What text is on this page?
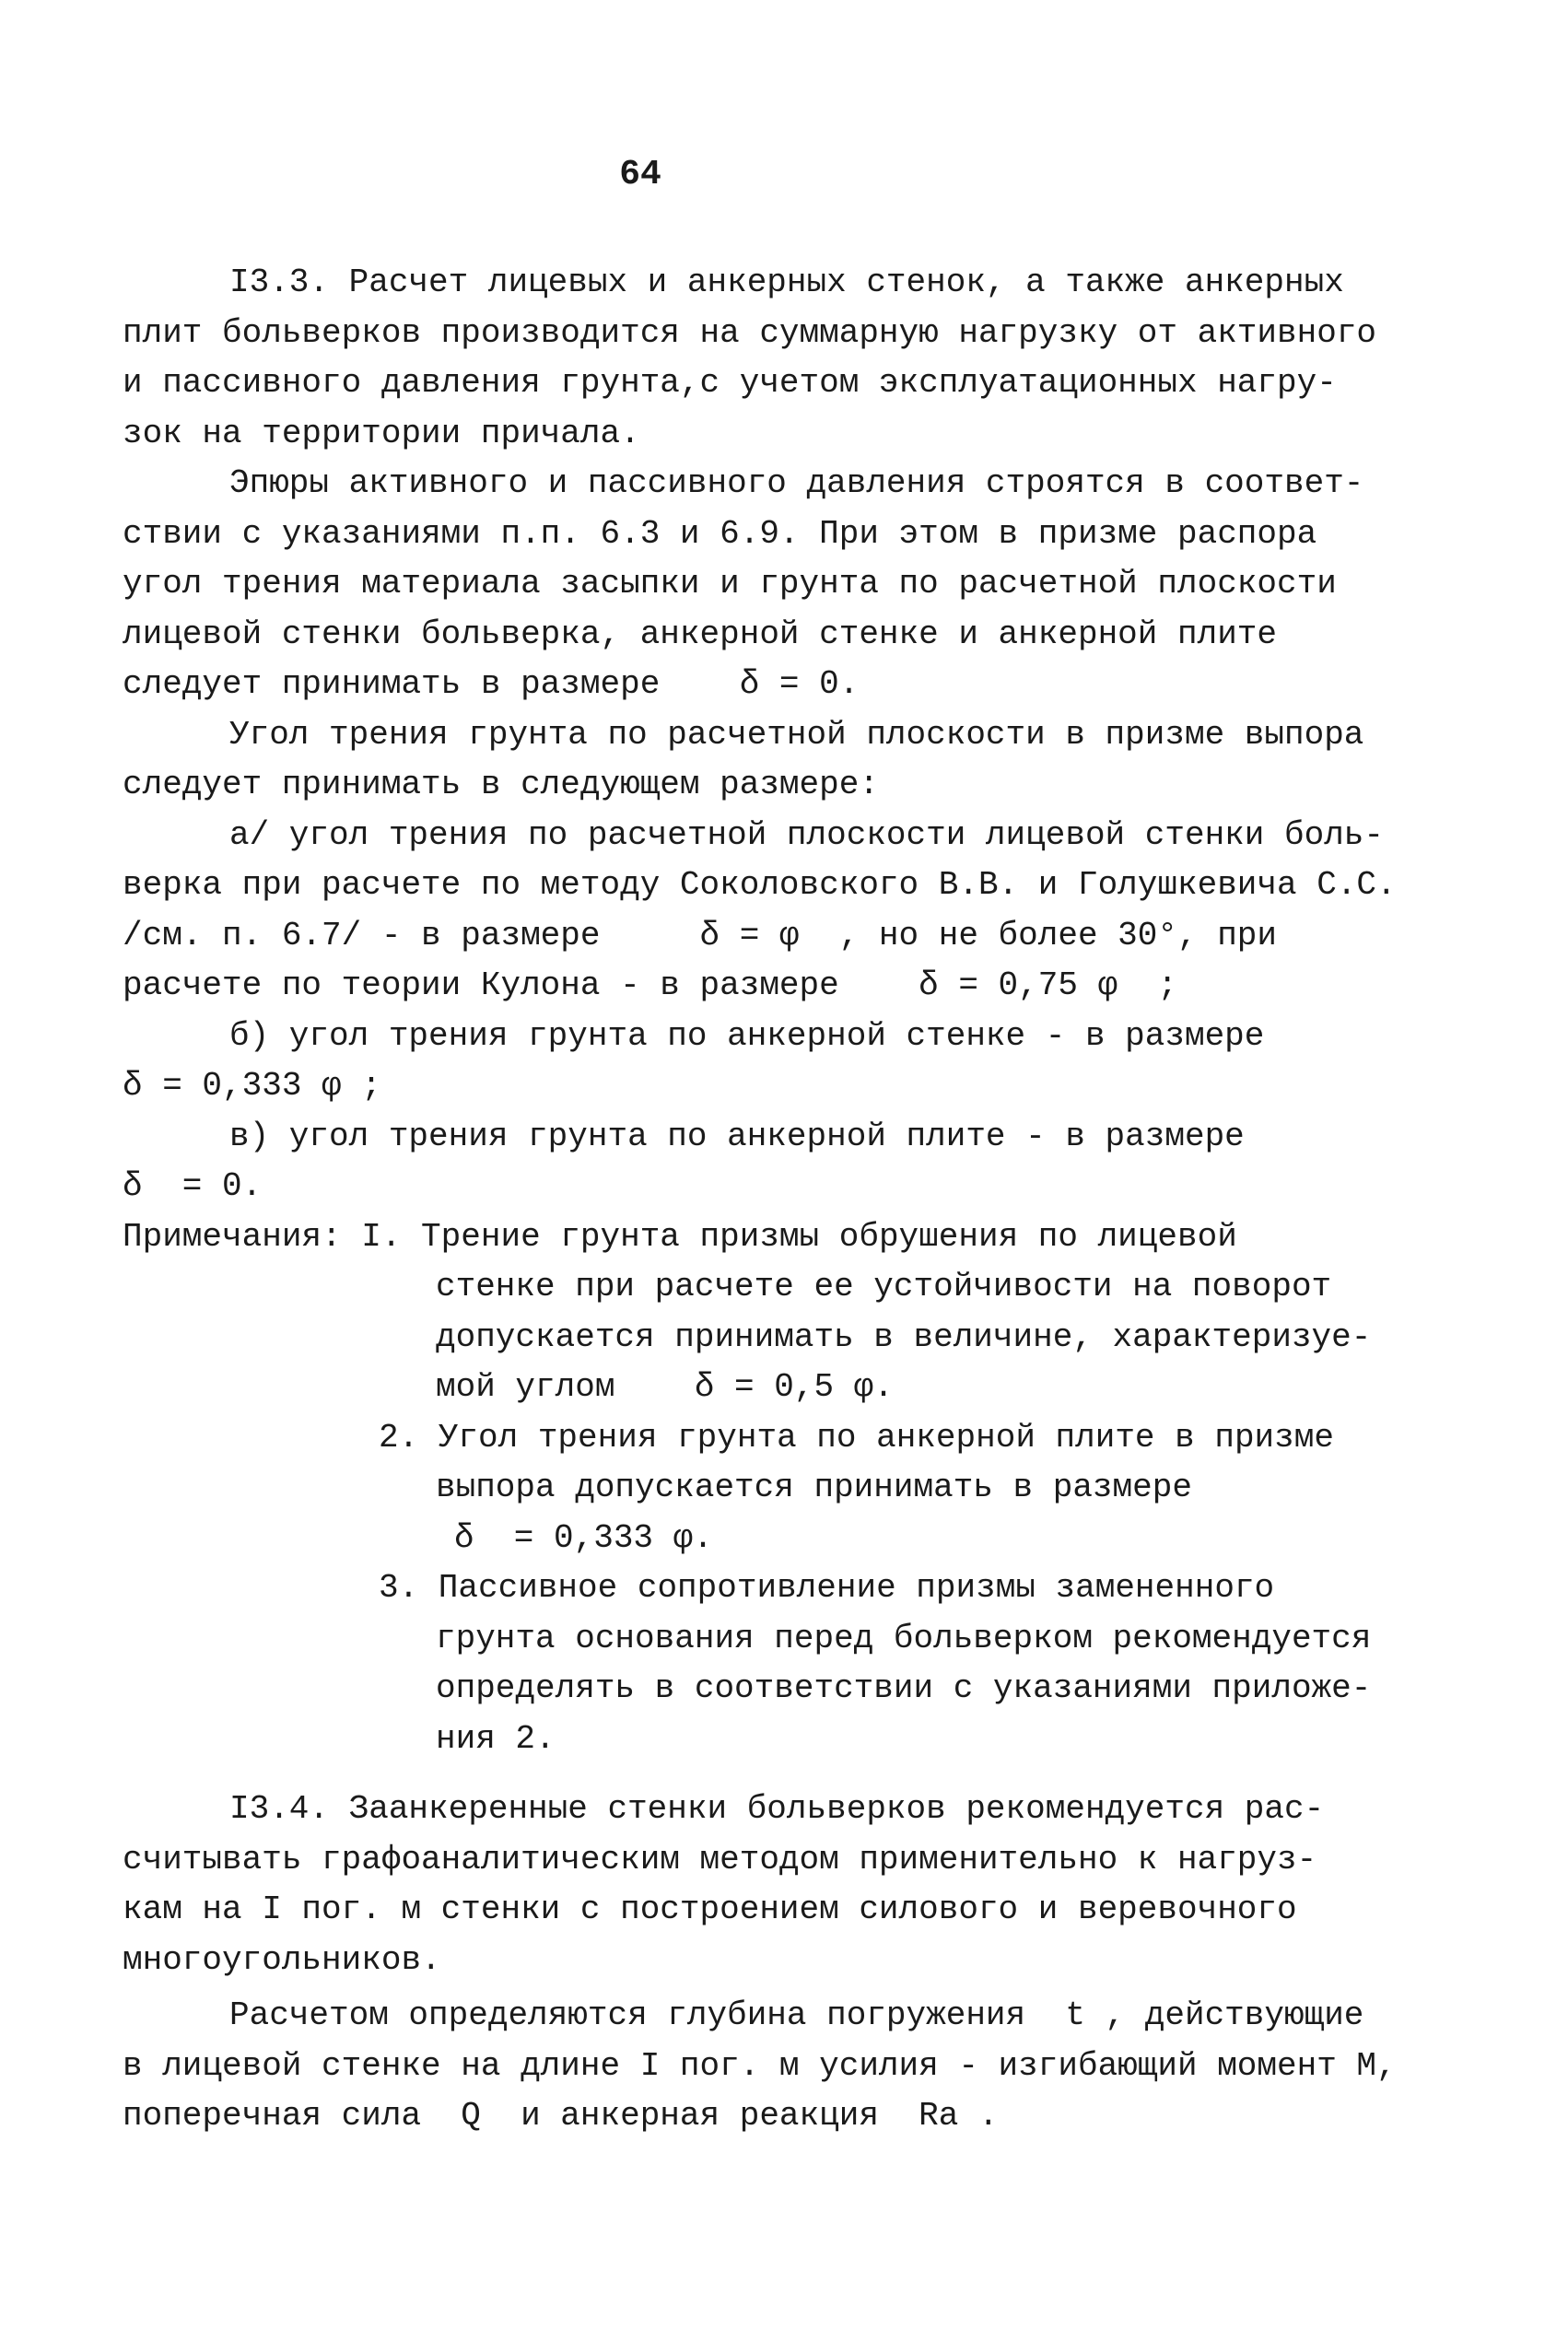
64
I3.3. Расчет лицевых и анкерных стенок, а также анкерных
плит больверков производится на суммарную нагрузку от активного
и пассивного давления грунта,с учетом эксплуатационных нагру-
зок на территории причала.
Эпюры активного и пассивного давления строятся в соответ-
ствии с указаниями п.п. 6.3 и 6.9. При этом в призме распора
угол трения материала засыпки и грунта по расчетной плоскости
лицевой стенки больверка, анкерной стенке и анкерной плите
следует принимать в размере    δ = 0.
Угол трения грунта по расчетной плоскости в призме выпора
следует принимать в следующем размере:
а/ угол трения по расчетной плоскости лицевой стенки боль-
верка при расчете по методу Соколовского В.В. и Голушкевича С.С.
/см. п. 6.7/ - в размере     δ = φ  , но не более 30°, при
расчете по теории Кулона - в размере    δ = 0,75 φ  ;
б) угол трения грунта по анкерной стенке - в размере
δ = 0,333 φ ;
в) угол трения грунта по анкерной плите - в размере
δ  = 0.
Примечания: I. Трение грунта призмы обрушения по лицевой
стенке при расчете ее устойчивости на поворот
допускается принимать в величине, характеризуе-
мой углом    δ = 0,5 φ.
2. Угол трения грунта по анкерной плите в призме
выпора допускается принимать в размере
δ  = 0,333 φ.
3. Пассивное сопротивление призмы замененного
грунта основания перед больверком рекомендуется
определять в соответствии с указаниями приложе-
ния 2.
I3.4. Заанкеренные стенки больверков рекомендуется рас-
считывать графоаналитическим методом применительно к нагруз-
кам на I пог. м стенки с построением силового и веревочного
многоугольников.
Расчетом определяются глубина погружения  t , действующие
в лицевой стенке на длине I пог. м усилия - изгибающий момент M,
поперечная сила  Q  и анкерная реакция  Rа .
